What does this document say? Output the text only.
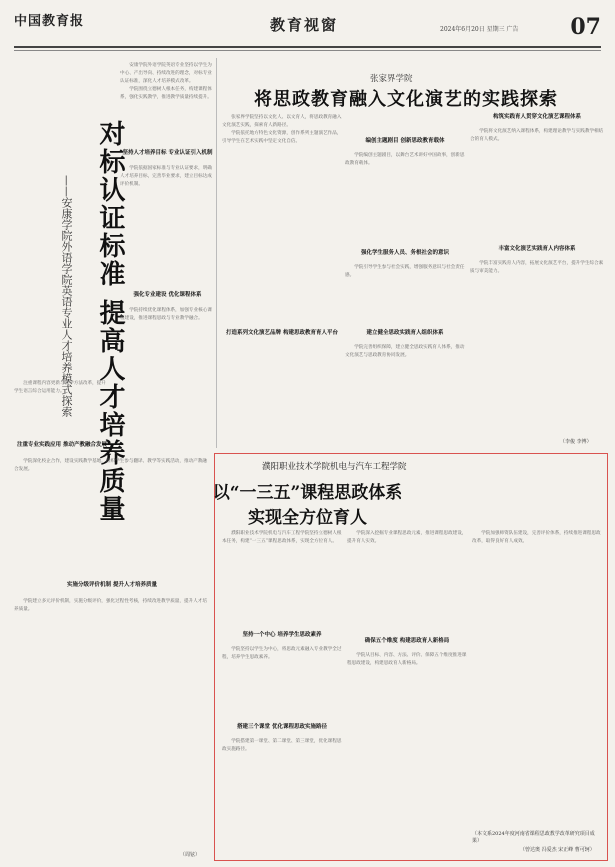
中国教育报	教育视窗	2024年6月20日 星期三 广告 07
对标认证标准 提高人才培养质量
——安康学院外语学院英语专业人才培养模式探索

安康学院外语学院英语专业坚持以学生为中心、产出导向、持续改进的理念，对标专业认证标准，深化人才培养模式改革。

学院围绕立德树人根本任务，构建课程体系，强化实践教学，推进教学质量持续提升。

坚持人才培养目标 专业认证引入机制

学院依据国家标准与专业认证要求，明确人才培养目标，完善毕业要求，建立目标达成评价机制。

强化专业建设 优化课程体系

学院持续优化课程体系，加强专业核心课程建设，推进课程思政与专业教学融合。

注重课程内容更新与教学方法改革，提升学生语言综合运用能力。

注重专业实践应用 推动产教融合发展

学院深化校企合作，建设实践教学基地，组织学生参与翻译、教学等实践活动，推动产教融合发展。

实施分级评价机制 提升人才培养质量

学院建立多元评价机制，实施分级评价，强化过程性考核，持续改进教学质量，提升人才培养质量。

（周铉）
张家界学院
将思政教育融入文化演艺的实践探索

张家界学院坚持以文化人、以文育人，将思政教育融入文化演艺实践，探索育人新路径。

学院依托地方特色文化资源，创作系列主题演艺作品，引导学生在艺术实践中坚定文化自信。	编创主题剧目 创新思政教育载体

学院编创主题剧目，以舞台艺术讲好中国故事，创新思政教育载体。

强化学生服务人员、务根社会的意识

学院引导学生参与社会实践，增强服务意识与社会责任感。

打造系列文化演艺品牌 构建思政教育育人平台	建立健全思政实践育人组织体系

学院完善组织保障，建立健全思政实践育人体系，推动文化演艺与思政教育协同发展。

构筑实践育人贯穿文化演艺课程体系

学院将文化演艺纳入课程体系，构建理论教学与实践教学相结合的育人模式。

丰富文化演艺实践育人内容体系

学院丰富实践育人内容，拓展文化演艺平台，提升学生综合素质与审美能力。

（李俊 李博）
濮阳职业技术学院机电与汽车工程学院
以“一三五”课程思政体系
实现全方位育人

濮阳职业技术学院机电与汽车工程学院坚持立德树人根本任务，构建“一三五”课程思政体系，实现全方位育人。

坚持一个中心 培养学生思政素养

学院坚持以学生为中心，将思政元素融入专业教学全过程，培养学生思政素养。

搭建三个课堂 优化课程思政实施路径

学院搭建第一课堂、第二课堂、第三课堂，优化课程思政实施路径。

学院深入挖掘专业课程思政元素，推进课程思政建设，提升育人实效。

确保五个维度 构建思政育人新格局

学院从目标、内容、方法、评价、保障五个维度推进课程思政建设，构建思政育人新格局。

学院加强师资队伍建设，完善评价体系，持续推进课程思政改革，取得良好育人成效。

（本文系2024年度河南省课程思政教学改革研究项目成果）
（曾达奥 冯爱杰 宋正峰 曹可轲）
